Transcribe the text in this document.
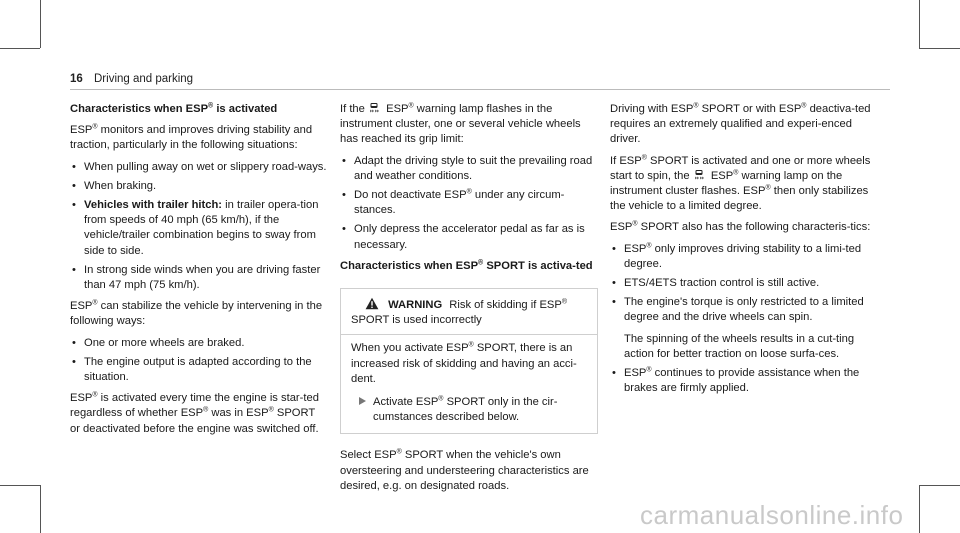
16 Driving and parking
Characteristics when ESP® is activated

ESP® monitors and improves driving stability and traction, particularly in the following situations:

• When pulling away on wet or slippery road-ways.
• When braking.
• Vehicles with trailer hitch: in trailer opera-tion from speeds of 40 mph (65 km/h), if the vehicle/trailer combination begins to sway from side to side.
• In strong side winds when you are driving faster than 47 mph (75 km/h).

ESP® can stabilize the vehicle by intervening in the following ways:

• One or more wheels are braked.
• The engine output is adapted according to the situation.

ESP® is activated every time the engine is star-ted regardless of whether ESP® was in ESP® SPORT or deactivated before the engine was switched off.

If the ESP® warning lamp flashes in the instrument cluster, one or several vehicle wheels has reached its grip limit:

• Adapt the driving style to suit the prevailing road and weather conditions.
• Do not deactivate ESP® under any circum-stances.
• Only depress the accelerator pedal as far as is necessary.
Characteristics when ESP® SPORT is activa-ted
WARNING Risk of skidding if ESP® SPORT is used incorrectly
When you activate ESP® SPORT, there is an increased risk of skidding and having an acci-dent.
Activate ESP® SPORT only in the cir-cumstances described below.

Select ESP® SPORT when the vehicle's own oversteering and understeering characteristics are desired, e.g. on designated roads.

Driving with ESP® SPORT or with ESP® deactiva-ted requires an extremely qualified and experi-enced driver.

If ESP® SPORT is activated and one or more wheels start to spin, the ESP® warning lamp on the instrument cluster flashes. ESP® then only stabilizes the vehicle to a limited degree.

ESP® SPORT also has the following characteris-tics:

• ESP® only improves driving stability to a limi-ted degree.
• ETS/4ETS traction control is still active.
• The engine's torque is only restricted to a limited degree and the drive wheels can spin.

The spinning of the wheels results in a cut-ting action for better traction on loose surfa-ces.

• ESP® continues to provide assistance when the brakes are firmly applied.
carmanualsonline.info
